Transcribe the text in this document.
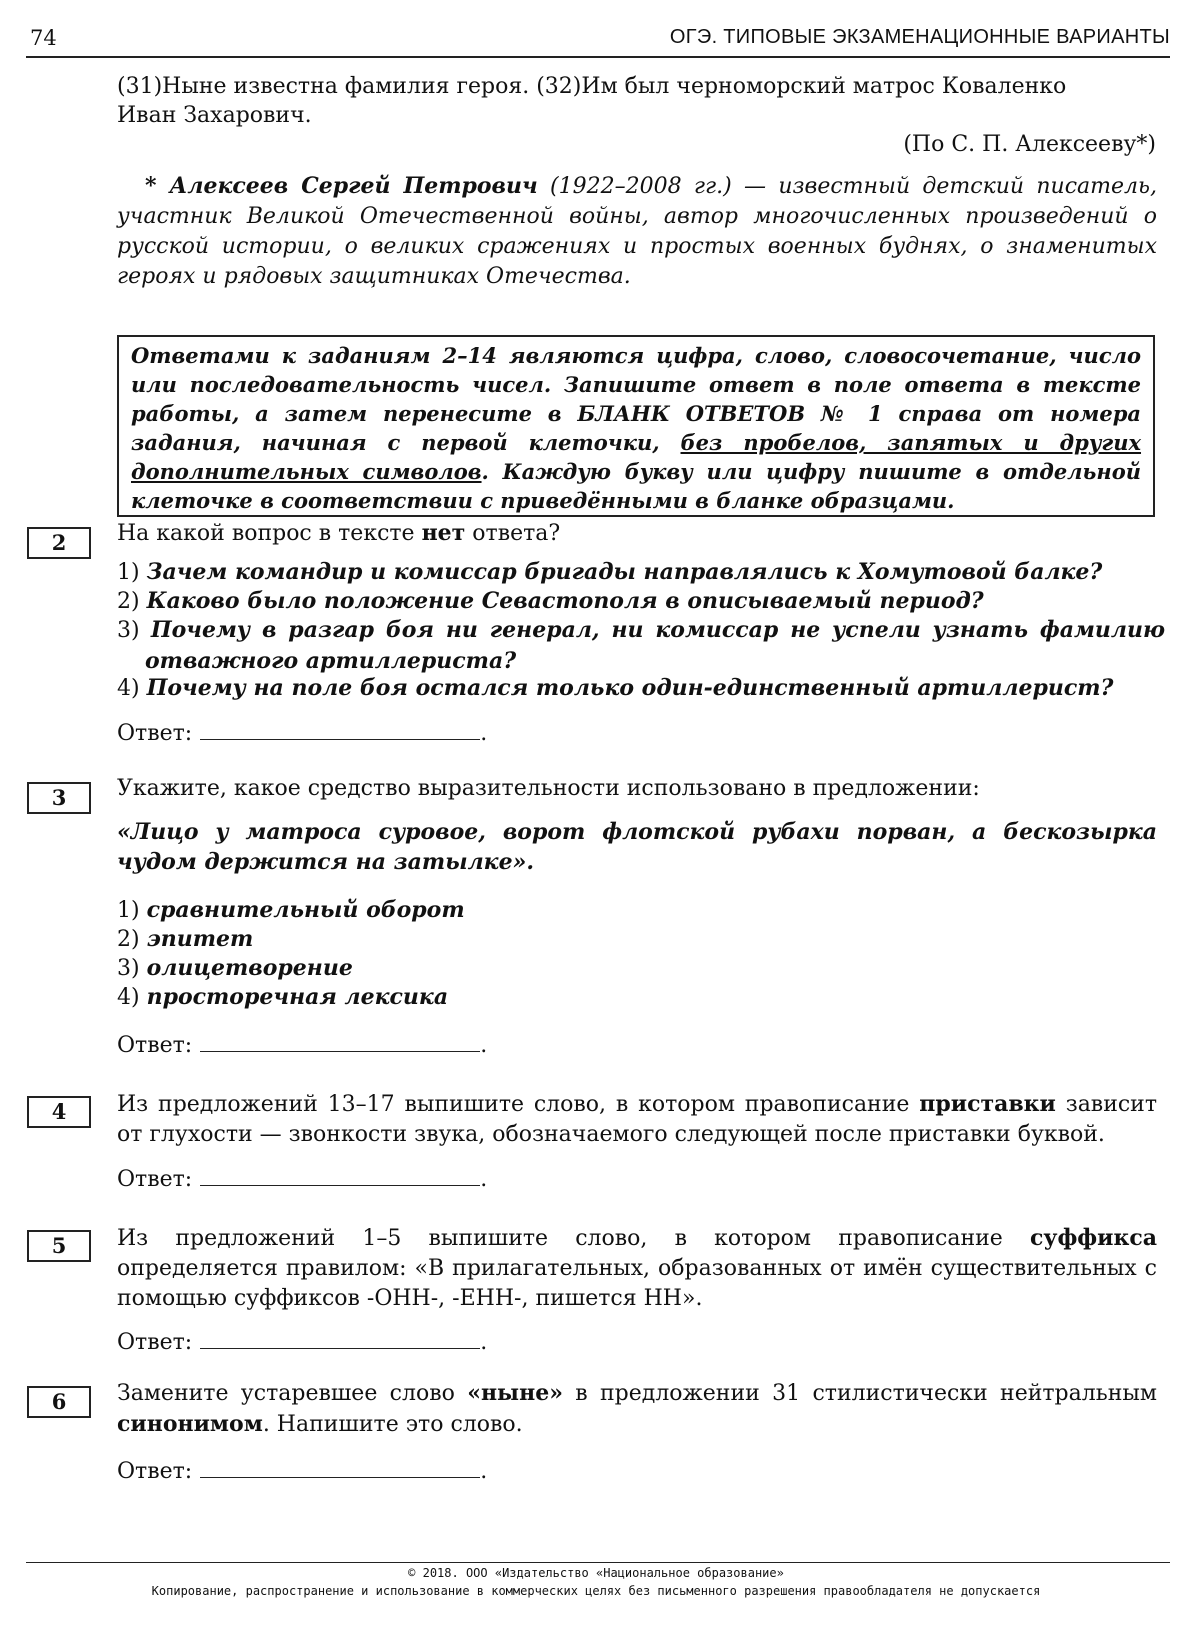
74	ОГЭ. ТИПОВЫЕ ЭКЗАМЕНАЦИОННЫЕ ВАРИАНТЫ

(31)Ныне известна фамилия героя. (32)Им был черноморский матрос Коваленко

Иван Захарович.

(По С. П. Алексееву*)

* Алексеев Сергей Петрович (1922–2008 гг.) — известный детский писатель, участник Великой Отечественной войны, автор многочисленных произведений о русской истории, о великих сражениях и простых военных буднях, о знаменитых героях и рядовых защитниках Отечества.

Ответами к заданиям 2–14 являются цифра, слово, словосочетание, число или последовательность чисел. Запишите ответ в поле ответа в тексте работы, а затем перенесите в БЛАНК ОТВЕТОВ № 1 справа от номера задания, начиная с первой клеточки, без пробелов, запятых и других дополнительных символов. Каждую букву или цифру пишите в отдельной клеточке в соответствии с приведёнными в бланке образцами.
2	На какой вопрос в тексте нет ответа?

1) Зачем командир и комиссар бригады направлялись к Хомутовой балке?
2) Каково было положение Севастополя в описываемый период?
3) Почему в разгар боя ни генерал, ни комиссар не успели узнать фамилию отважного артиллериста?
4) Почему на поле боя остался только один-единственный артиллерист?
Ответ:	.
3	Укажите, какое средство выразительности использовано в предложении:

«Лицо у матроса суровое, ворот флотской рубахи порван, а бескозырка чудом держится на затылке».

1) сравнительный оборот
2) эпитет
3) олицетворение
4) просторечная лексика
Ответ:	.
4	Из предложений 13–17 выпишите слово, в котором правописание приставки зависит от глухости — звонкости звука, обозначаемого следующей после приставки буквой.

Ответ:	.
5	Из предложений 1–5 выпишите слово, в котором правописание суффикса определяется правилом: «В прилагательных, образованных от имён существительных с помощью суффиксов -ОНН-, -ЕНН-, пишется НН».

Ответ:	.
6	Замените устаревшее слово «ныне» в предложении 31 стилистически нейтральным синонимом. Напишите это слово.

Ответ:	.
© 2018. ООО «Издательство «Национальное образование»
Копирование, распространение и использование в коммерческих целях без письменного разрешения правообладателя не допускается
